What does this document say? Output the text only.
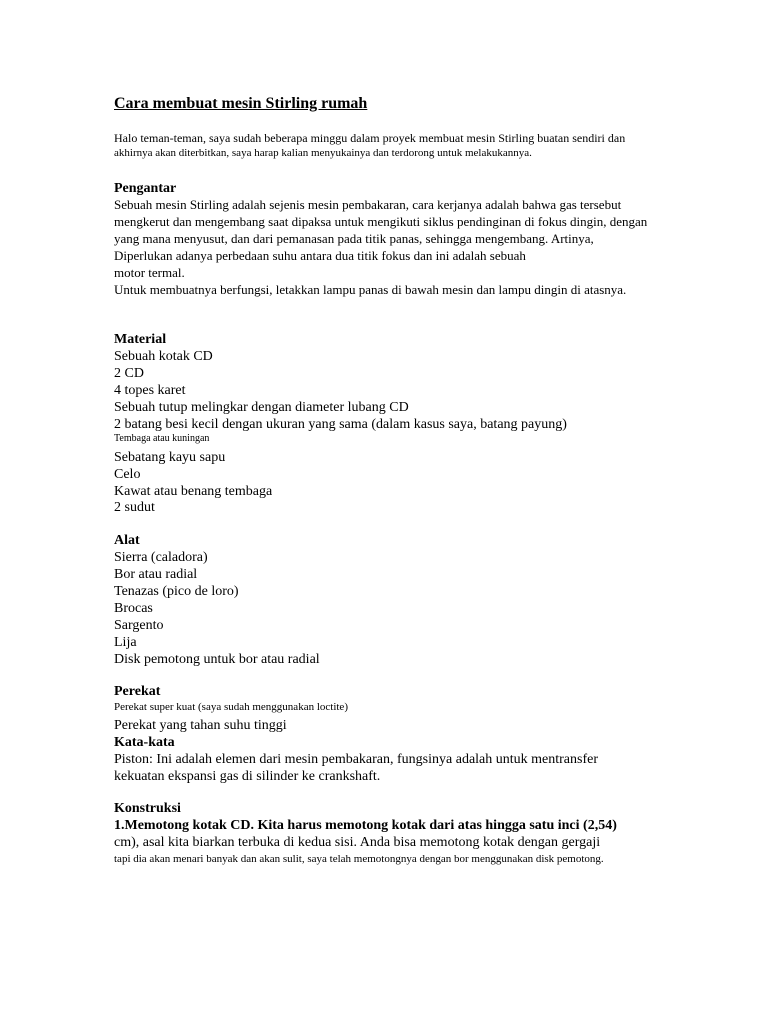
Cara membuat mesin Stirling rumah
Halo teman-teman, saya sudah beberapa minggu dalam proyek membuat mesin Stirling buatan sendiri dan
akhirnya akan diterbitkan, saya harap kalian menyukainya dan terdorong untuk melakukannya.
Pengantar
Sebuah mesin Stirling adalah sejenis mesin pembakaran, cara kerjanya adalah bahwa gas tersebut
mengkerut dan mengembang saat dipaksa untuk mengikuti siklus pendinginan di fokus dingin, dengan
yang mana menyusut, dan dari pemanasan pada titik panas, sehingga mengembang. Artinya,
Diperlukan adanya perbedaan suhu antara dua titik fokus dan ini adalah sebuah
motor termal.
Untuk membuatnya berfungsi, letakkan lampu panas di bawah mesin dan lampu dingin di atasnya.
Material
Sebuah kotak CD
2 CD
4 topes karet
Sebuah tutup melingkar dengan diameter lubang CD
2 batang besi kecil dengan ukuran yang sama (dalam kasus saya, batang payung)
Tembaga atau kuningan
Sebatang kayu sapu
Celo
Kawat atau benang tembaga
2 sudut
Alat
Sierra (caladora)
Bor atau radial
Tenazas (pico de loro)
Brocas
Sargento
Lija
Disk pemotong untuk bor atau radial
Perekat
Perekat super kuat (saya sudah menggunakan loctite)
Perekat yang tahan suhu tinggi
Kata-kata
Piston: Ini adalah elemen dari mesin pembakaran, fungsinya adalah untuk mentransfer
kekuatan ekspansi gas di silinder ke crankshaft.
Konstruksi
1.Memotong kotak CD. Kita harus memotong kotak dari atas hingga satu inci (2,54)
cm), asal kita biarkan terbuka di kedua sisi. Anda bisa memotong kotak dengan gergaji
tapi dia akan menari banyak dan akan sulit, saya telah memotongnya dengan bor menggunakan disk pemotong.
